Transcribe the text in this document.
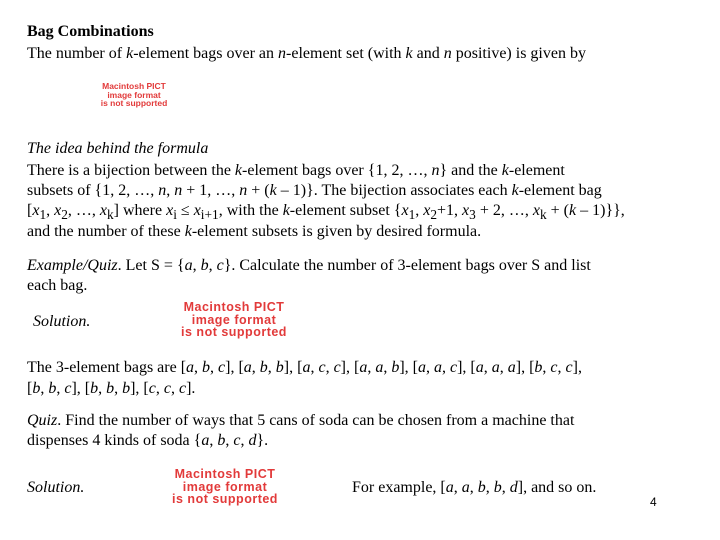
Bag Combinations
The number of k-element bags over an n-element set (with k and n positive) is given by
Macintosh PICT
image format
is not supported
The idea behind the formula
There is a bijection between the k-element bags over {1, 2, …, n} and the k-element
subsets of {1, 2, …, n, n + 1, …, n + (k – 1)}. The bijection associates each k-element bag
[$x_1$, $x_2$, …, $x_k$] where $x_i \le x_{i+1}$, with the k-element subset {$x_1$, $x_2+1$, $x_3 + 2$, …, $x_k + (k - 1)$}},
and the number of these k-element subsets is given by desired formula.
Example/Quiz. Let S = {a, b, c}. Calculate the number of 3-element bags over S and list
each bag.
Solution.
Macintosh PICT
image format
is not supported
The 3-element bags are [a, b, c], [a, b, b], [a, c, c], [a, a, b], [a, a, c], [a, a, a], [b, c, c],
[b, b, c], [b, b, b], [c, c, c].
Quiz. Find the number of ways that 5 cans of soda can be chosen from a machine that
dispenses 4 kinds of soda {a, b, c, d}.
Solution.
Macintosh PICT
image format
is not supported
For example, [a, a, b, b, d], and so on.
4
